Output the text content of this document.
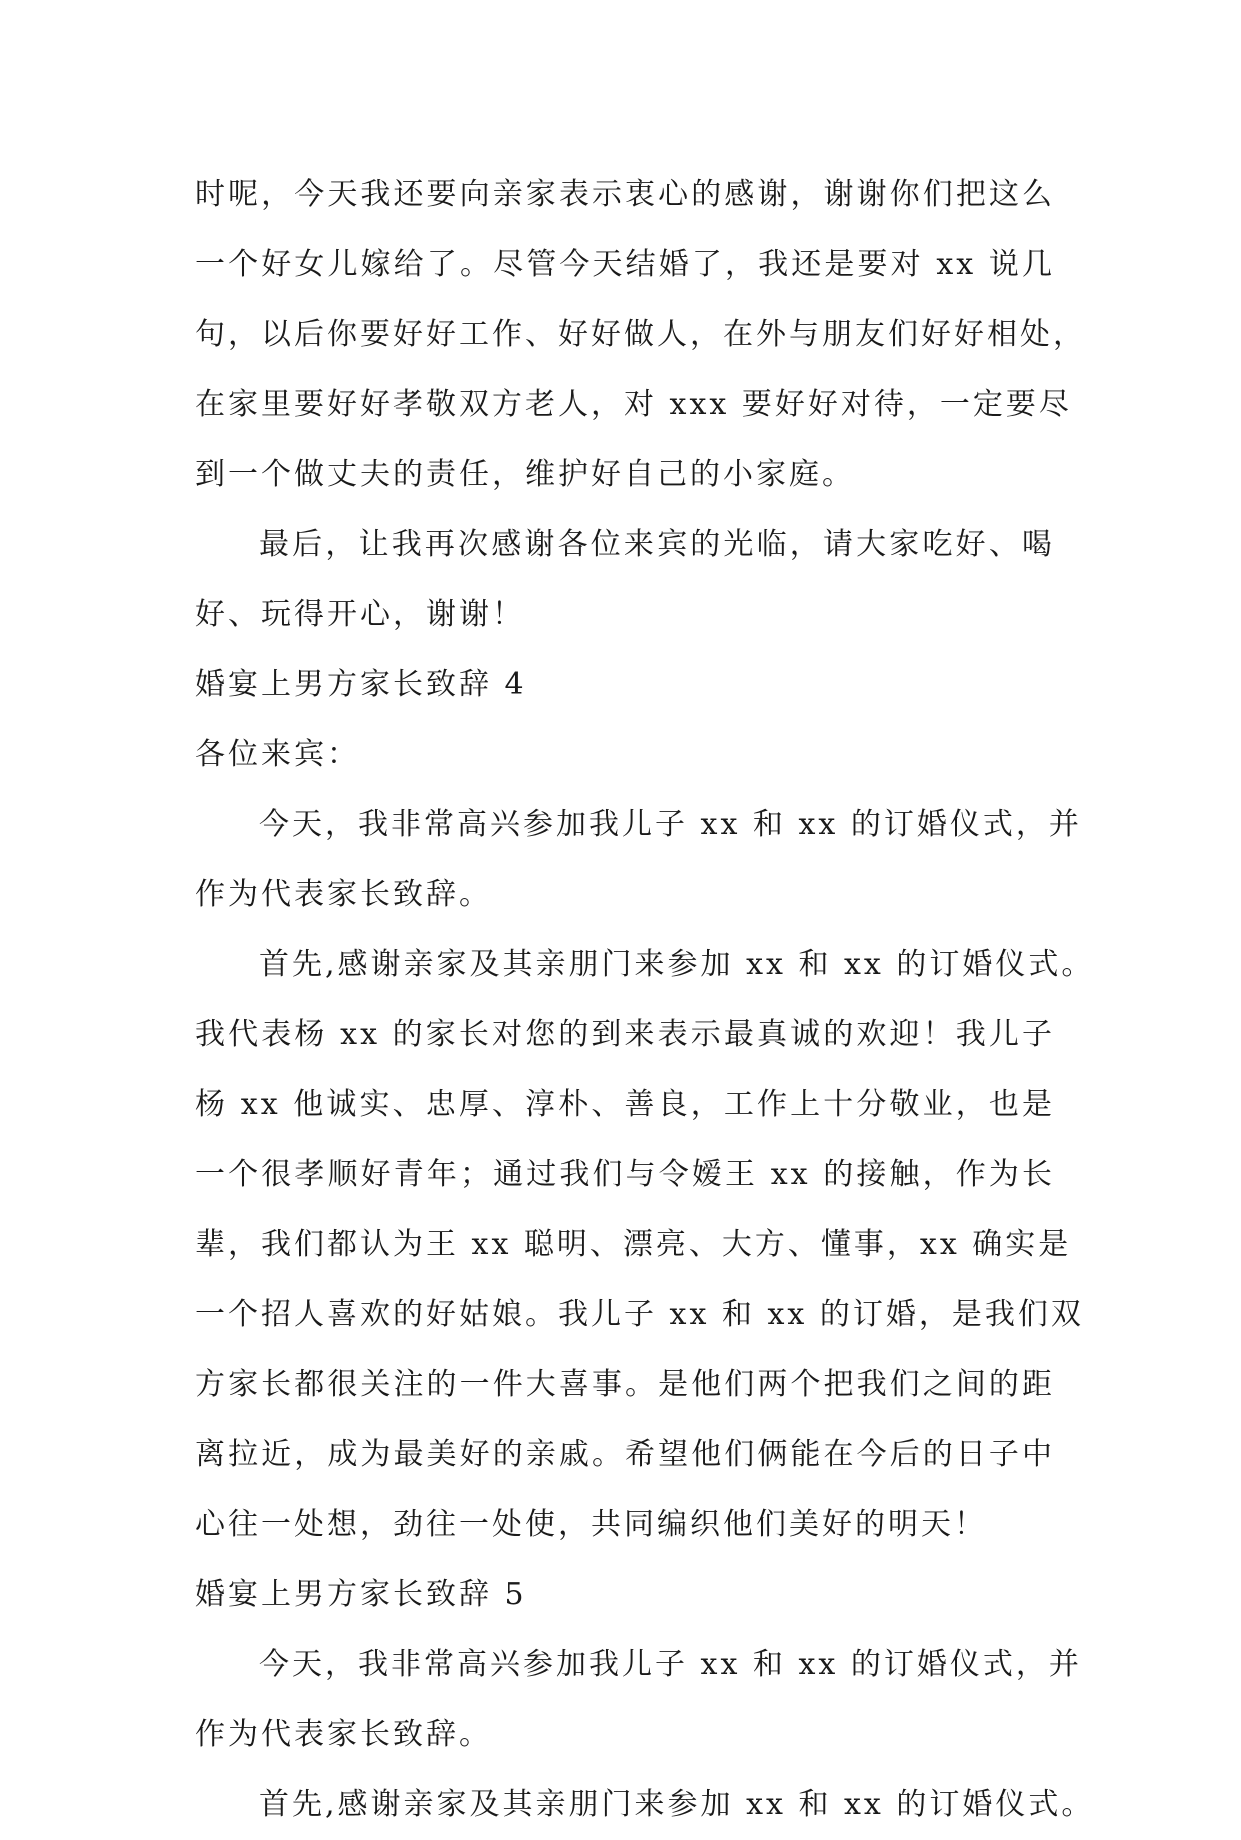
时呢，今天我还要向亲家表示衷心的感谢，谢谢你们把这么
一个好女儿嫁给了。尽管今天结婚了，我还是要对 xx 说几
句，以后你要好好工作、好好做人，在外与朋友们好好相处，
在家里要好好孝敬双方老人，对 xxx 要好好对待，一定要尽
到一个做丈夫的责任，维护好自己的小家庭。
最后，让我再次感谢各位来宾的光临，请大家吃好、喝
好、玩得开心，谢谢！
婚宴上男方家长致辞 4
各位来宾：
今天，我非常高兴参加我儿子 xx 和 xx 的订婚仪式，并
作为代表家长致辞。
首先,感谢亲家及其亲朋门来参加 xx 和 xx 的订婚仪式。
我代表杨 xx 的家长对您的到来表示最真诚的欢迎！我儿子
杨 xx 他诚实、忠厚、淳朴、善良，工作上十分敬业，也是
一个很孝顺好青年；通过我们与令嫒王 xx 的接触，作为长
辈，我们都认为王 xx 聪明、漂亮、大方、懂事，xx 确实是
一个招人喜欢的好姑娘。我儿子 xx 和 xx 的订婚，是我们双
方家长都很关注的一件大喜事。是他们两个把我们之间的距
离拉近，成为最美好的亲戚。希望他们俩能在今后的日子中
心往一处想，劲往一处使，共同编织他们美好的明天！
婚宴上男方家长致辞 5
今天，我非常高兴参加我儿子 xx 和 xx 的订婚仪式，并
作为代表家长致辞。
首先,感谢亲家及其亲朋门来参加 xx 和 xx 的订婚仪式。
